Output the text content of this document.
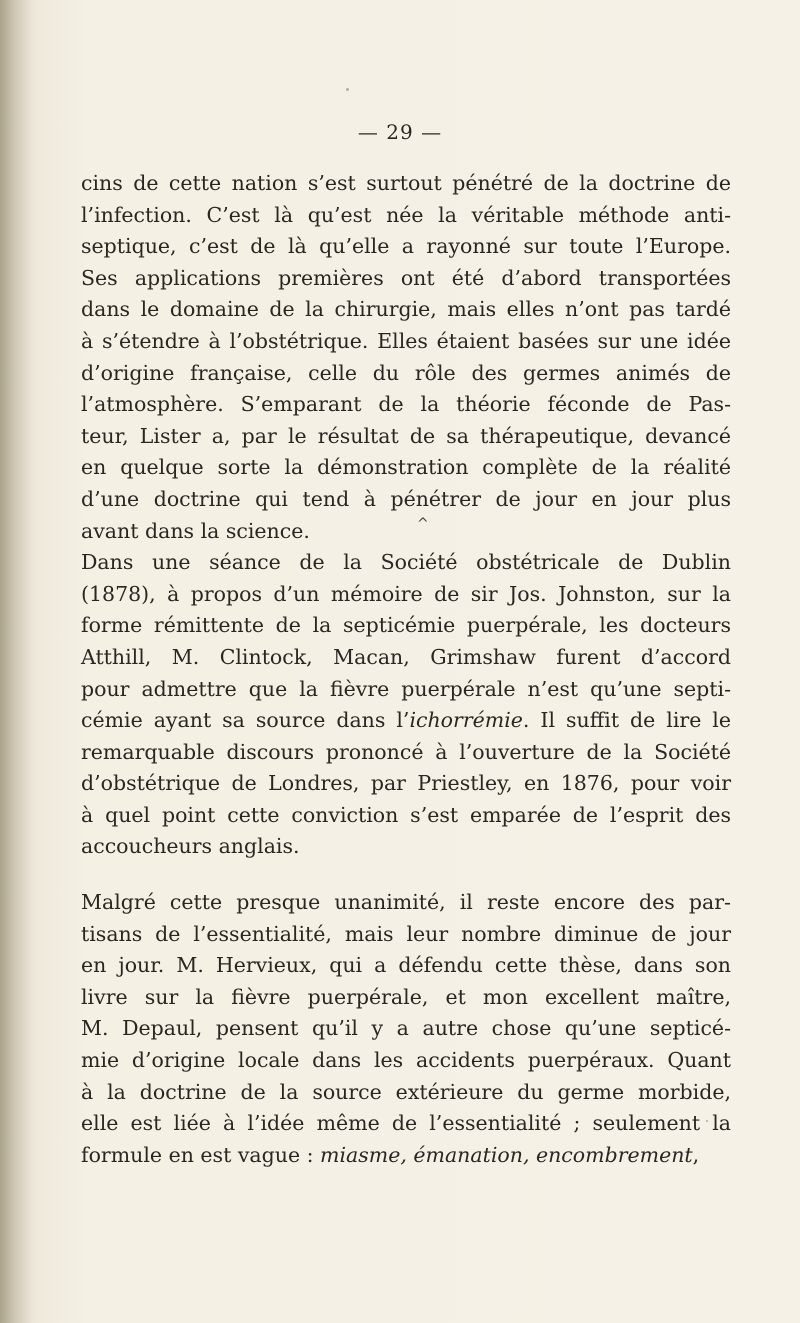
— 29 —
cins de cette nation s’est surtout pénétré de la doctrine de
l’infection. C’est là qu’est née la véritable méthode anti-
septique, c’est de là qu’elle a rayonné sur toute l’Europe.
Ses applications premières ont été d’abord transportées
dans le domaine de la chirurgie, mais elles n’ont pas tardé
à s’étendre à l’obstétrique. Elles étaient basées sur une idée
d’origine française, celle du rôle des germes animés de
l’atmosphère. S’emparant de la théorie féconde de Pas-
teur, Lister a, par le résultat de sa thérapeutique, devancé
en quelque sorte la démonstration complète de la réalité
d’une doctrine qui tend à pénétrer de jour en jour plus
avant dans la science.
Dans une séance de la Société obstétricale de Dublin
(1878), à propos d’un mémoire de sir Jos. Johnston, sur la
forme rémittente de la septicémie puerpérale, les docteurs
Atthill, M. Clintock, Macan, Grimshaw furent d’accord
pour admettre que la fièvre puerpérale n’est qu’une septi-
cémie ayant sa source dans l’ichorrémie. Il suffit de lire le
remarquable discours prononcé à l’ouverture de la Société
d’obstétrique de Londres, par Priestley, en 1876, pour voir
à quel point cette conviction s’est emparée de l’esprit des
accoucheurs anglais.
Malgré cette presque unanimité, il reste encore des par-
tisans de l’essentialité, mais leur nombre diminue de jour
en jour. M. Hervieux, qui a défendu cette thèse, dans son
livre sur la fièvre puerpérale, et mon excellent maître,
M. Depaul, pensent qu’il y a autre chose qu’une septicé-
mie d’origine locale dans les accidents puerpéraux. Quant
à la doctrine de la source extérieure du germe morbide,
elle est liée à l’idée même de l’essentialité ; seulement la
formule en est vague : miasme, émanation, encombrement,
^
